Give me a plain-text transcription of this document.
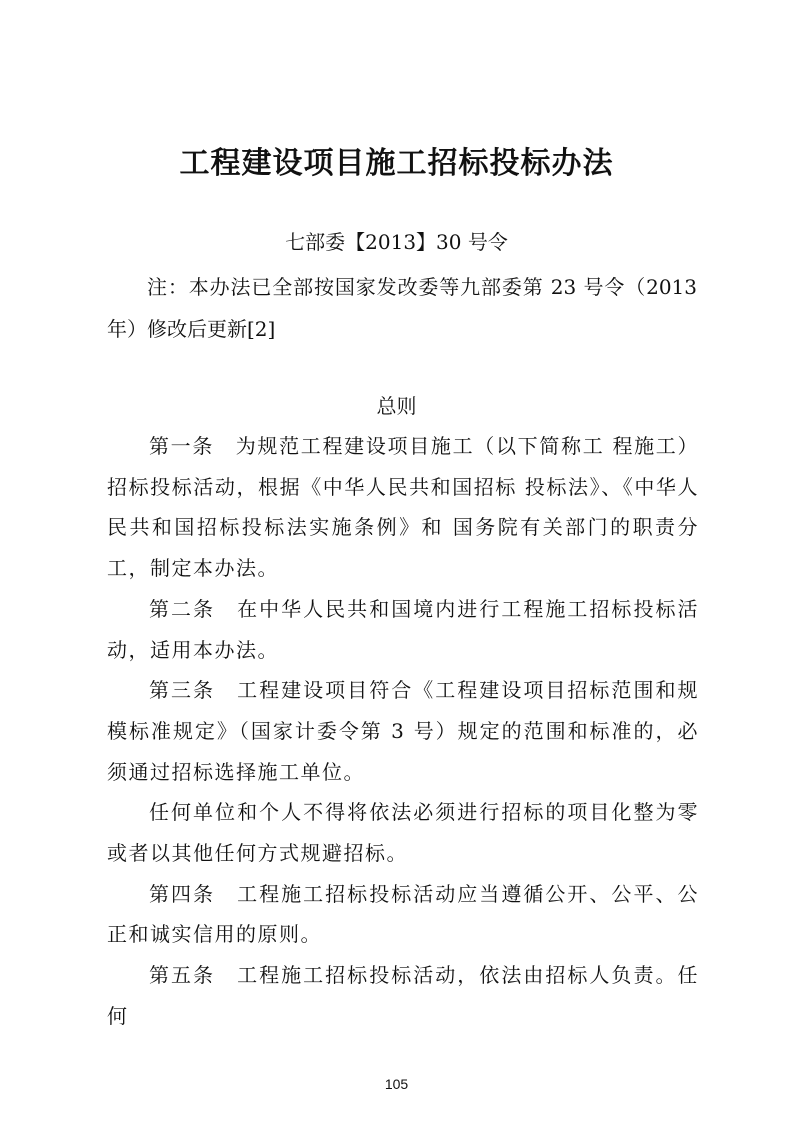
工程建设项目施工招标投标办法
七部委【2013】30 号令

注：本办法已全部按国家发改委等九部委第 23 号令（2013 年）修改后更新[2]

总则

第一条　为规范工程建设项目施工（以下简称工 程施工）招标投标活动，根据《中华人民共和国招标 投标法》、《中华人民共和国招标投标法实施条例》和 国务院有关部门的职责分工，制定本办法。

第二条　在中华人民共和国境内进行工程施工招标投标活动，适用本办法。

第三条　工程建设项目符合《工程建设项目招标范围和规模标准规定》（国家计委令第 3 号）规定的范围和标准的，必须通过招标选择施工单位。

任何单位和个人不得将依法必须进行招标的项目化整为零或者以其他任何方式规避招标。

第四条　工程施工招标投标活动应当遵循公开、公平、公正和诚实信用的原则。

第五条　工程施工招标投标活动，依法由招标人负责。任何

105
